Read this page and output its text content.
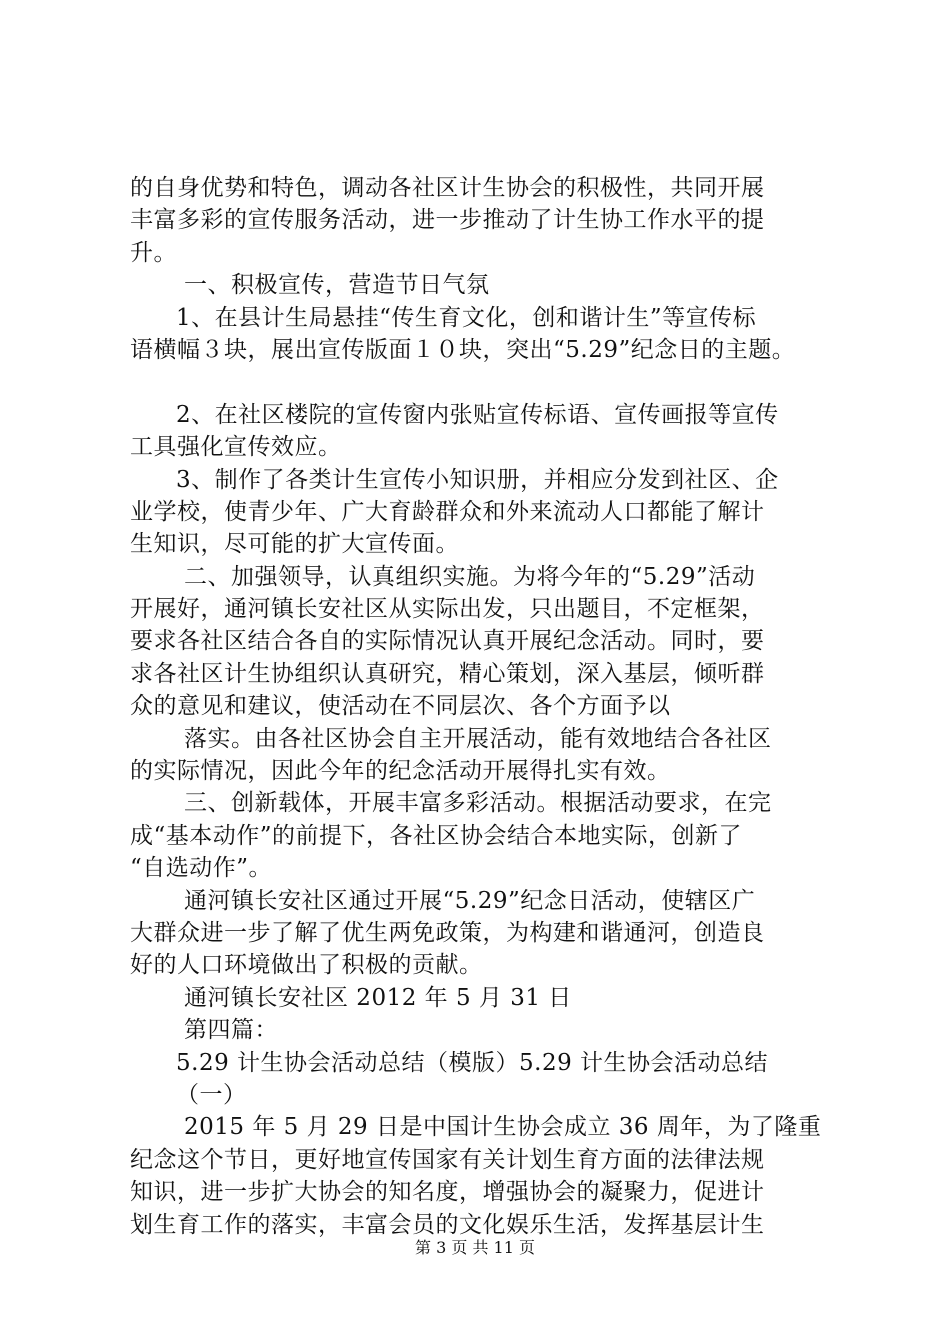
的自身优势和特色，调动各社区计生协会的积极性，共同开展
丰富多彩的宣传服务活动，进一步推动了计生协工作水平的提
升。
一、积极宣传，营造节日气氛
1、在县计生局悬挂“传生育文化，创和谐计生”等宣传标
语横幅３块，展出宣传版面１０块，突出“5.29”纪念日的主题。
2、在社区楼院的宣传窗内张贴宣传标语、宣传画报等宣传
工具强化宣传效应。
3、制作了各类计生宣传小知识册，并相应分发到社区、企
业学校，使青少年、广大育龄群众和外来流动人口都能了解计
生知识，尽可能的扩大宣传面。
二、加强领导，认真组织实施。为将今年的“5.29”活动
开展好，通河镇长安社区从实际出发，只出题目，不定框架，
要求各社区结合各自的实际情况认真开展纪念活动。同时，要
求各社区计生协组织认真研究，精心策划，深入基层，倾听群
众的意见和建议，使活动在不同层次、各个方面予以
落实。由各社区协会自主开展活动，能有效地结合各社区
的实际情况，因此今年的纪念活动开展得扎实有效。
三、创新载体，开展丰富多彩活动。根据活动要求，在完
成“基本动作”的前提下，各社区协会结合本地实际，创新了
“自选动作”。
通河镇长安社区通过开展“5.29”纪念日活动，使辖区广
大群众进一步了解了优生两免政策，为构建和谐通河，创造良
好的人口环境做出了积极的贡献。
通河镇长安社区 2012 年 5 月 31 日
第四篇：
5.29 计生协会活动总结（模版）5.29 计生协会活动总结
（一）
2015 年 5 月 29 日是中国计生协会成立 36 周年，为了隆重
纪念这个节日，更好地宣传国家有关计划生育方面的法律法规
知识，进一步扩大协会的知名度，增强协会的凝聚力，促进计
划生育工作的落实，丰富会员的文化娱乐生活，发挥基层计生
第 3 页 共 11 页
